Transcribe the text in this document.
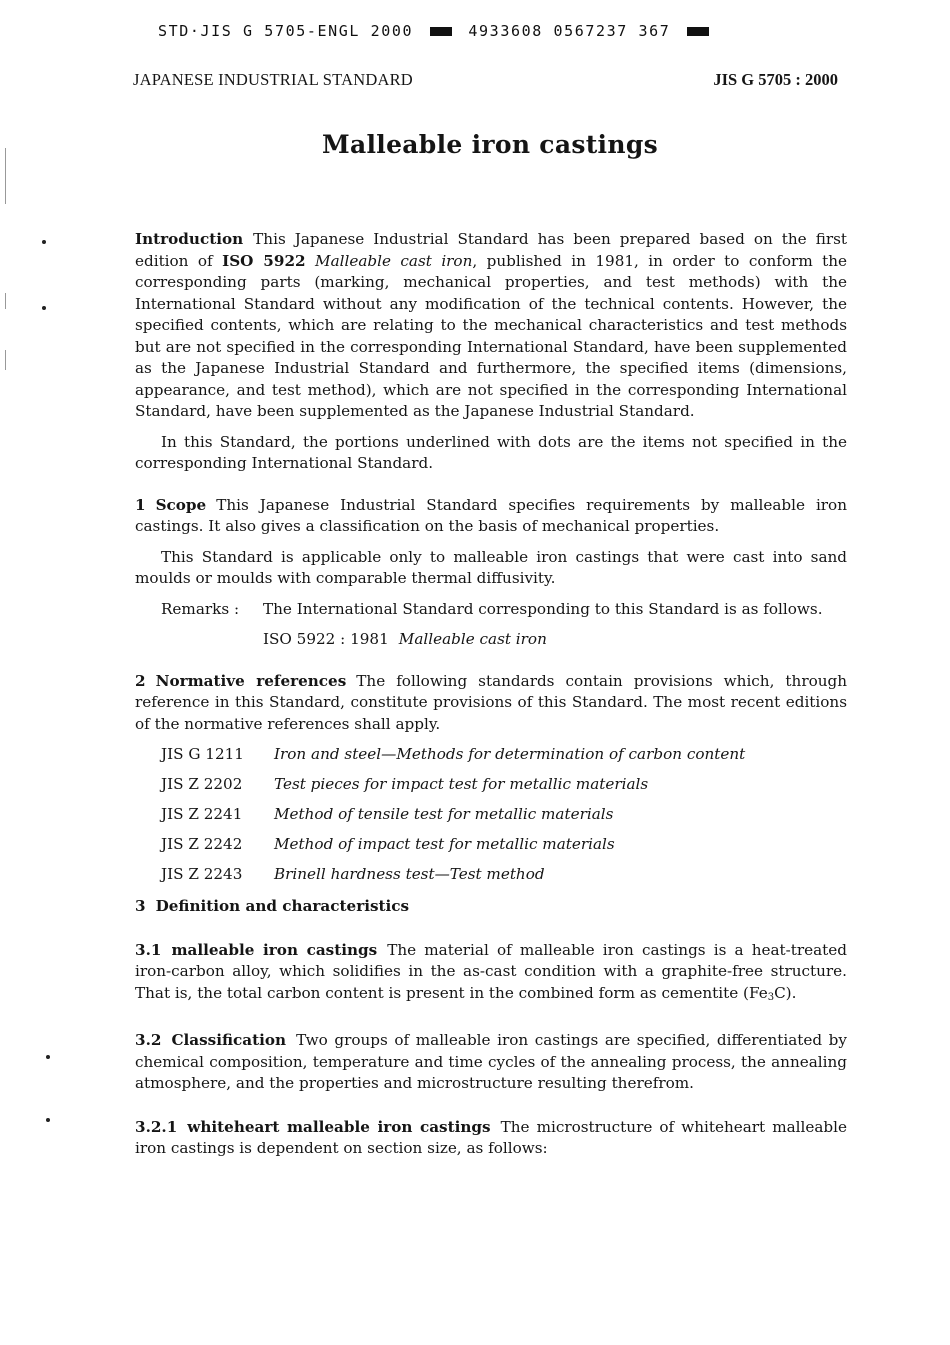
STD·JIS G 5705-ENGL 2000	4933608 0567237 367
JAPANESE INDUSTRIAL STANDARD	JIS G 5705 : 2000
Malleable iron castings

Introduction This Japanese Industrial Standard has been prepared based on the first edition of ISO 5922 Malleable cast iron, published in 1981, in order to conform the corresponding parts (marking, mechanical properties, and test methods) with the International Standard without any modification of the technical contents. However, the specified contents, which are relating to the mechanical characteristics and test methods but are not specified in the corresponding International Standard, have been supplemented as the Japanese Industrial Standard and furthermore, the specified items (dimensions, appearance, and test method), which are not specified in the corresponding International Standard, have been supplemented as the Japanese Industrial Standard.

In this Standard, the portions underlined with dots are the items not specified in the corresponding International Standard.

1 Scope This Japanese Industrial Standard specifies requirements by malleable iron castings. It also gives a classification on the basis of mechanical properties.

This Standard is applicable only to malleable iron castings that were cast into sand moulds or moulds with comparable thermal diffusivity.

Remarks :	The International Standard corresponding to this Standard is as follows.
ISO 5922 : 1981 Malleable cast iron

2 Normative references The following standards contain provisions which, through reference in this Standard, constitute provisions of this Standard. The most recent editions of the normative references shall apply.

JIS G 1211	Iron and steel—Methods for determination of carbon content
JIS Z 2202	Test pieces for impact test for metallic materials
JIS Z 2241	Method of tensile test for metallic materials
JIS Z 2242	Method of impact test for metallic materials
JIS Z 2243	Brinell hardness test—Test method

3 Definition and characteristics

3.1 malleable iron castings The material of malleable iron castings is a heat-treated iron-carbon alloy, which solidifies in the as-cast condition with a graphite-free structure. That is, the total carbon content is present in the combined form as cementite $(Fe_3C)$.

3.2 Classification Two groups of malleable iron castings are specified, differentiated by chemical composition, temperature and time cycles of the annealing process, the annealing atmosphere, and the properties and microstructure resulting therefrom.

3.2.1 whiteheart malleable iron castings The microstructure of whiteheart malleable iron castings is dependent on section size, as follows:
